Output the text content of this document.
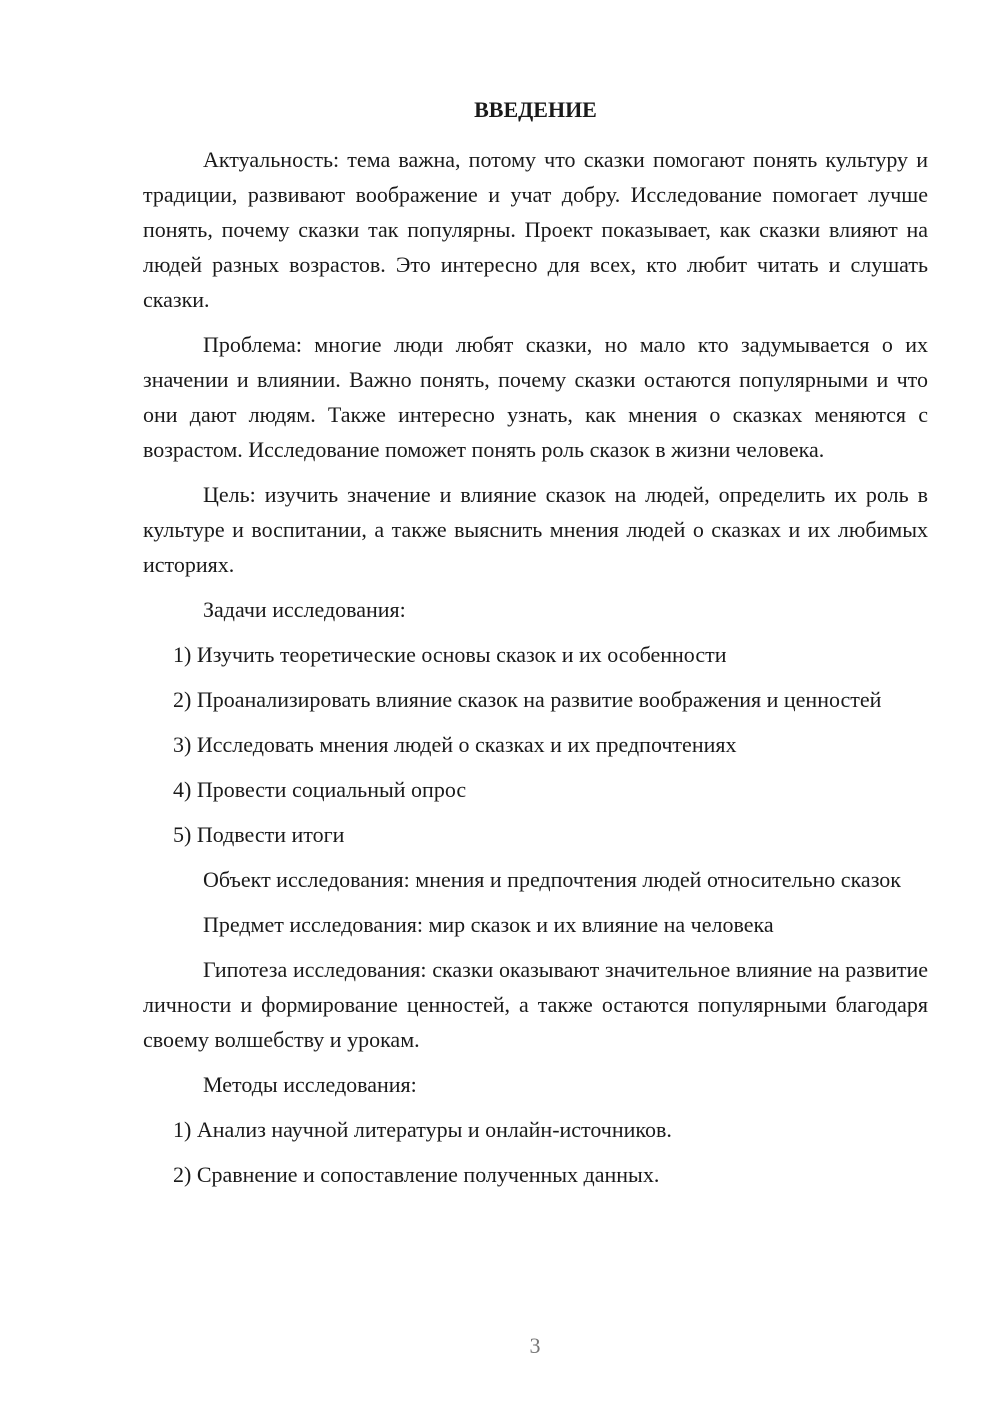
ВВЕДЕНИЕ

Актуальность: тема важна, потому что сказки помогают понять культуру и традиции, развивают воображение и учат добру. Исследование помогает лучше понять, почему сказки так популярны. Проект показывает, как сказки влияют на людей разных возрастов. Это интересно для всех, кто любит читать и слушать сказки.

Проблема: многие люди любят сказки, но мало кто задумывается о их значении и влиянии. Важно понять, почему сказки остаются популярными и что они дают людям. Также интересно узнать, как мнения о сказках меняются с возрастом. Исследование поможет понять роль сказок в жизни человека.

Цель: изучить значение и влияние сказок на людей, определить их роль в культуре и воспитании, а также выяснить мнения людей о сказках и их любимых историях.

Задачи исследования:

1) Изучить теоретические основы сказок и их особенности

2) Проанализировать влияние сказок на развитие воображения и ценностей

3) Исследовать мнения людей о сказках и их предпочтениях

4) Провести социальный опрос

5) Подвести итоги

Объект исследования: мнения и предпочтения людей относительно сказок

Предмет исследования: мир сказок и их влияние на человека

Гипотеза исследования: сказки оказывают значительное влияние на развитие личности и формирование ценностей, а также остаются популярными благодаря своему волшебству и урокам.

Методы исследования:

1) Анализ научной литературы и онлайн-источников.

2) Сравнение и сопоставление полученных данных.

3
